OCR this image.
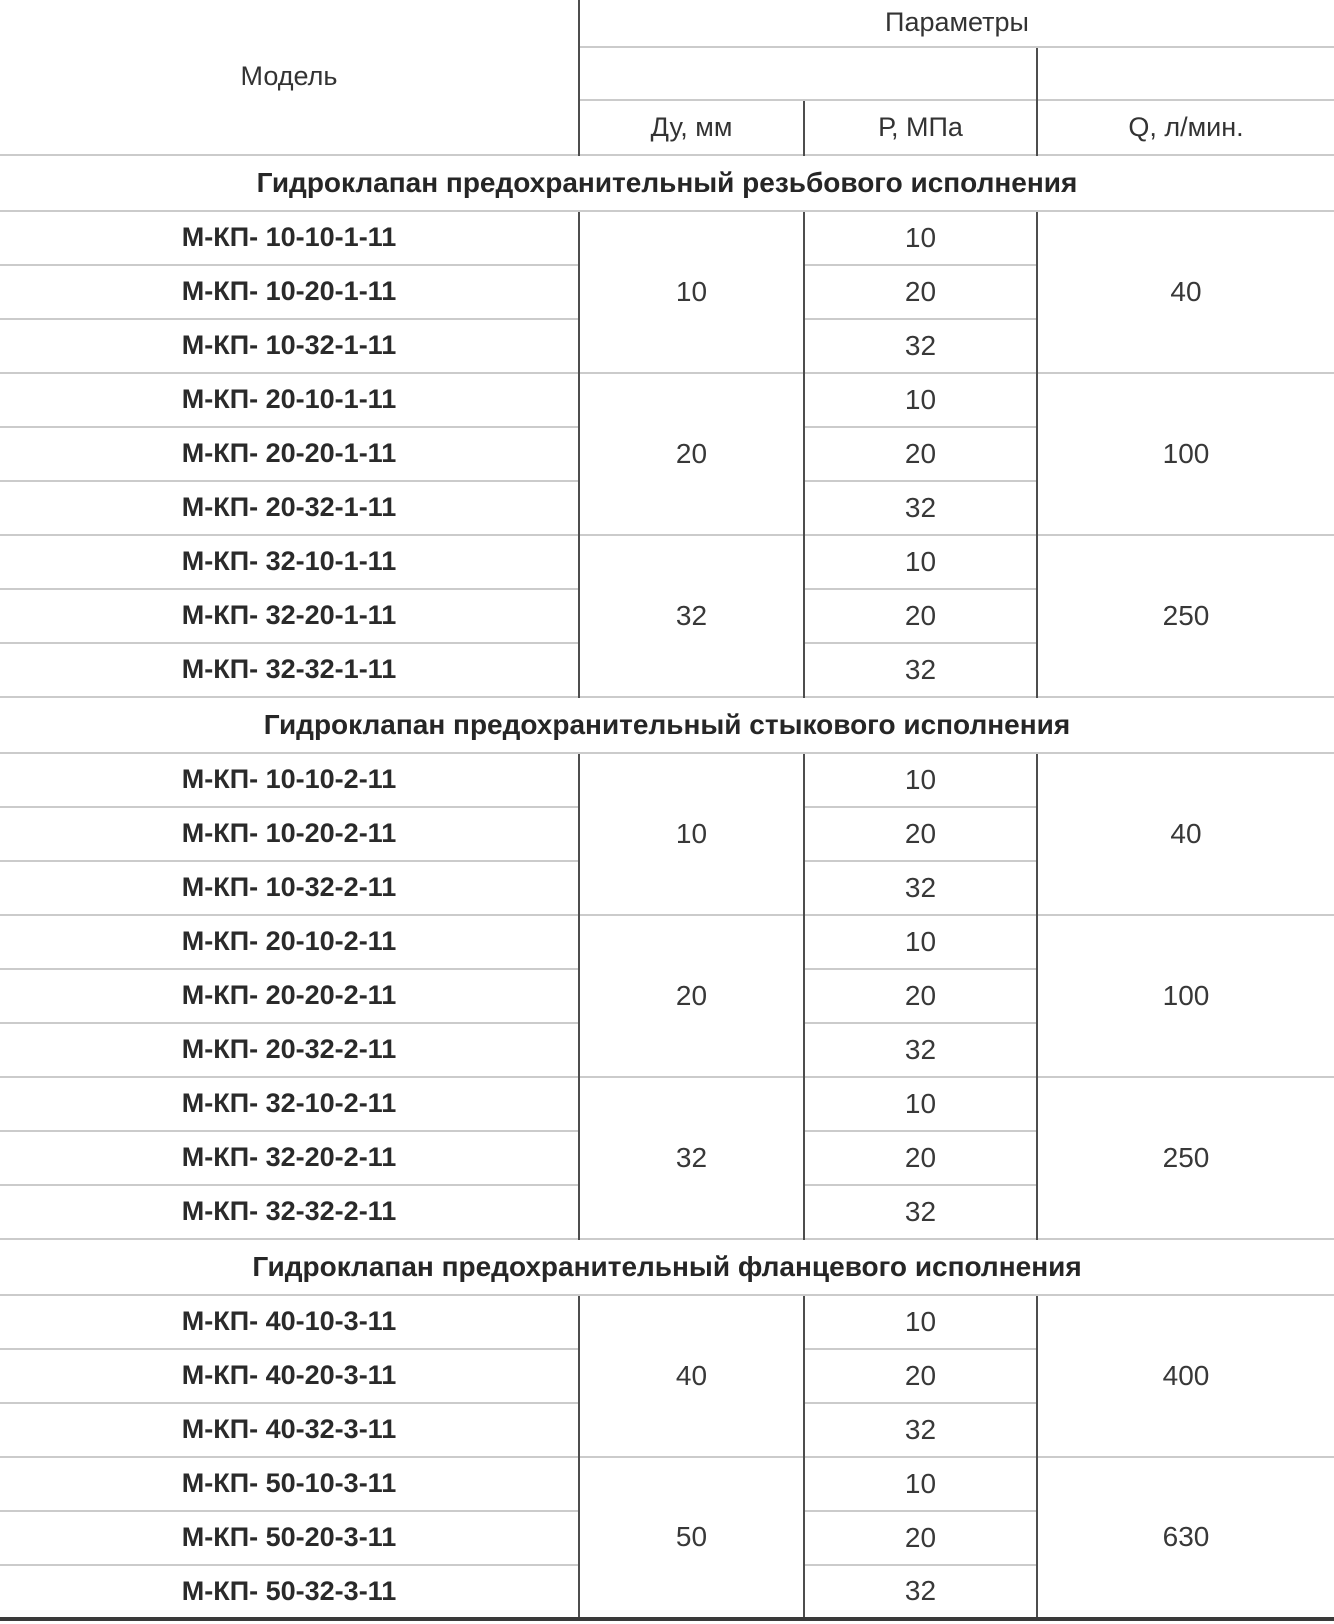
Модель	Параметры		

	Ду, мм	Р, МПа	Q, л/мин.
Гидроклапан предохранительный резьбового исполнения			
М-КП- 10-10-1-11	10	10	40
М-КП- 10-20-1-11		20	
М-КП- 10-32-1-11		32	
М-КП- 20-10-1-11	20	10	100
М-КП- 20-20-1-11		20	
М-КП- 20-32-1-11		32	
М-КП- 32-10-1-11	32	10	250
М-КП- 32-20-1-11		20	
М-КП- 32-32-1-11		32	
Гидроклапан предохранительный стыкового исполнения			
М-КП- 10-10-2-11	10	10	40
М-КП- 10-20-2-11		20	
М-КП- 10-32-2-11		32	
М-КП- 20-10-2-11	20	10	100
М-КП- 20-20-2-11		20	
М-КП- 20-32-2-11		32	
М-КП- 32-10-2-11	32	10	250
М-КП- 32-20-2-11		20	
М-КП- 32-32-2-11		32	
Гидроклапан предохранительный фланцевого исполнения			
М-КП- 40-10-3-11	40	10	400
М-КП- 40-20-3-11		20	
М-КП- 40-32-3-11		32	
М-КП- 50-10-3-11	50	10	630
М-КП- 50-20-3-11		20	
М-КП- 50-32-3-11		32	
